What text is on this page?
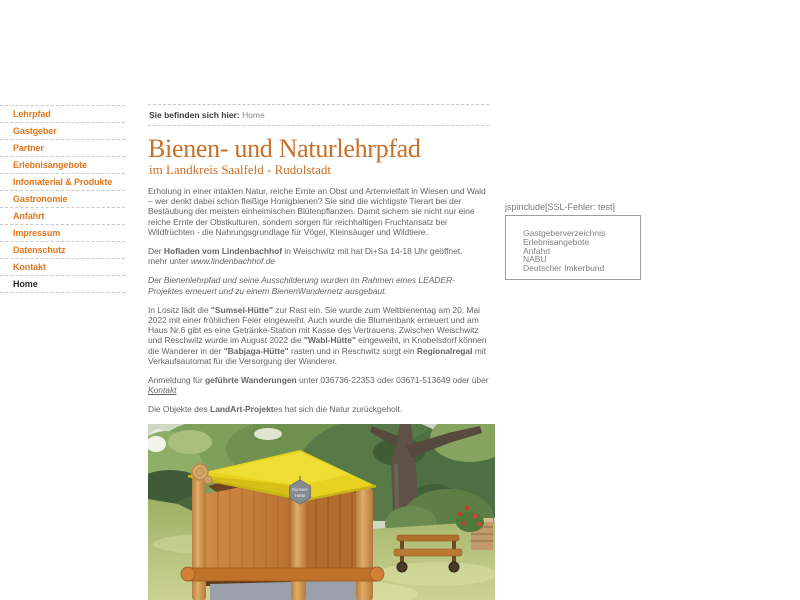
Lehrpfad
Gastgeber
Partner
Erlebnisangebote
Infomaterial & Produkte
Gastronomie
Anfahrt
Impressum
Datenschutz
Kontakt
Home
Sie befinden sich hier: Home
Bienen- und Naturlehrpfad
im Landkreis Saalfeld - Rudolstadt

Erholung in einer intakten Natur, reiche Ernte an Obst und Artenvielfalt in Wiesen und Wald – wer denkt dabei schon fleißige Honigbienen? Sie sind die wichtigste Tierart bei der Bestäubung der meisten einheimischen Blütenpflanzen. Damit sichern sie nicht nur eine reiche Ernte der Obstkulturen, sondern sorgen für reichhaltigen Fruchtansatz bei Wildfrüchten - die Nahrungsgrundlage für Vögel, Kleinsäuger und Wildtiere.

Der Hofladen vom Lindenbachhof in Weischwitz mit hat Di+Sa 14-18 Uhr geöffnet.
mehr unter www.lindenbachhof.de

Der Bienenlehrpfad und seine Ausschilderung wurden im Rahmen eines LEADER-Projektes erneuert und zu einem BienenWandernetz ausgebaut.

In Lositz lädt die "Sumsel-Hütte" zur Rast ein. Sie wurde zum Weltbienentag am 20. Mai 2022 mit einer fröhlichen Feier eingeweiht. Auch wurde die Blumenbank erneuert und am Haus Nr.6 gibt es eine Getränke-Station mit Kasse des Vertrauens. Zwischen Weischwitz und Reschwitz wurde im August 2022 die "Wabl-Hütte" eingeweiht, in Knobelsdorf können die Wanderer in der "Babjaga-Hütte" rasten und in Reschwitz sorgt ein Regionalregal mit Verkaufsautomat für die Versorgung der Wanderer.

Anmeldung für geführte Wanderungen unter 036736-22353 oder 03671-513649 oder über Kontakt

Die Objekte des LandArt-Projektes hat sich die Natur zurückgeholt.

Sumsel-
Hütte
jspinclude[SSL-Fehler: test]
Gastgeberverzeichnis
Erlebnisangebote
Anfahrt
NABU
Deutscher Imkerbund
